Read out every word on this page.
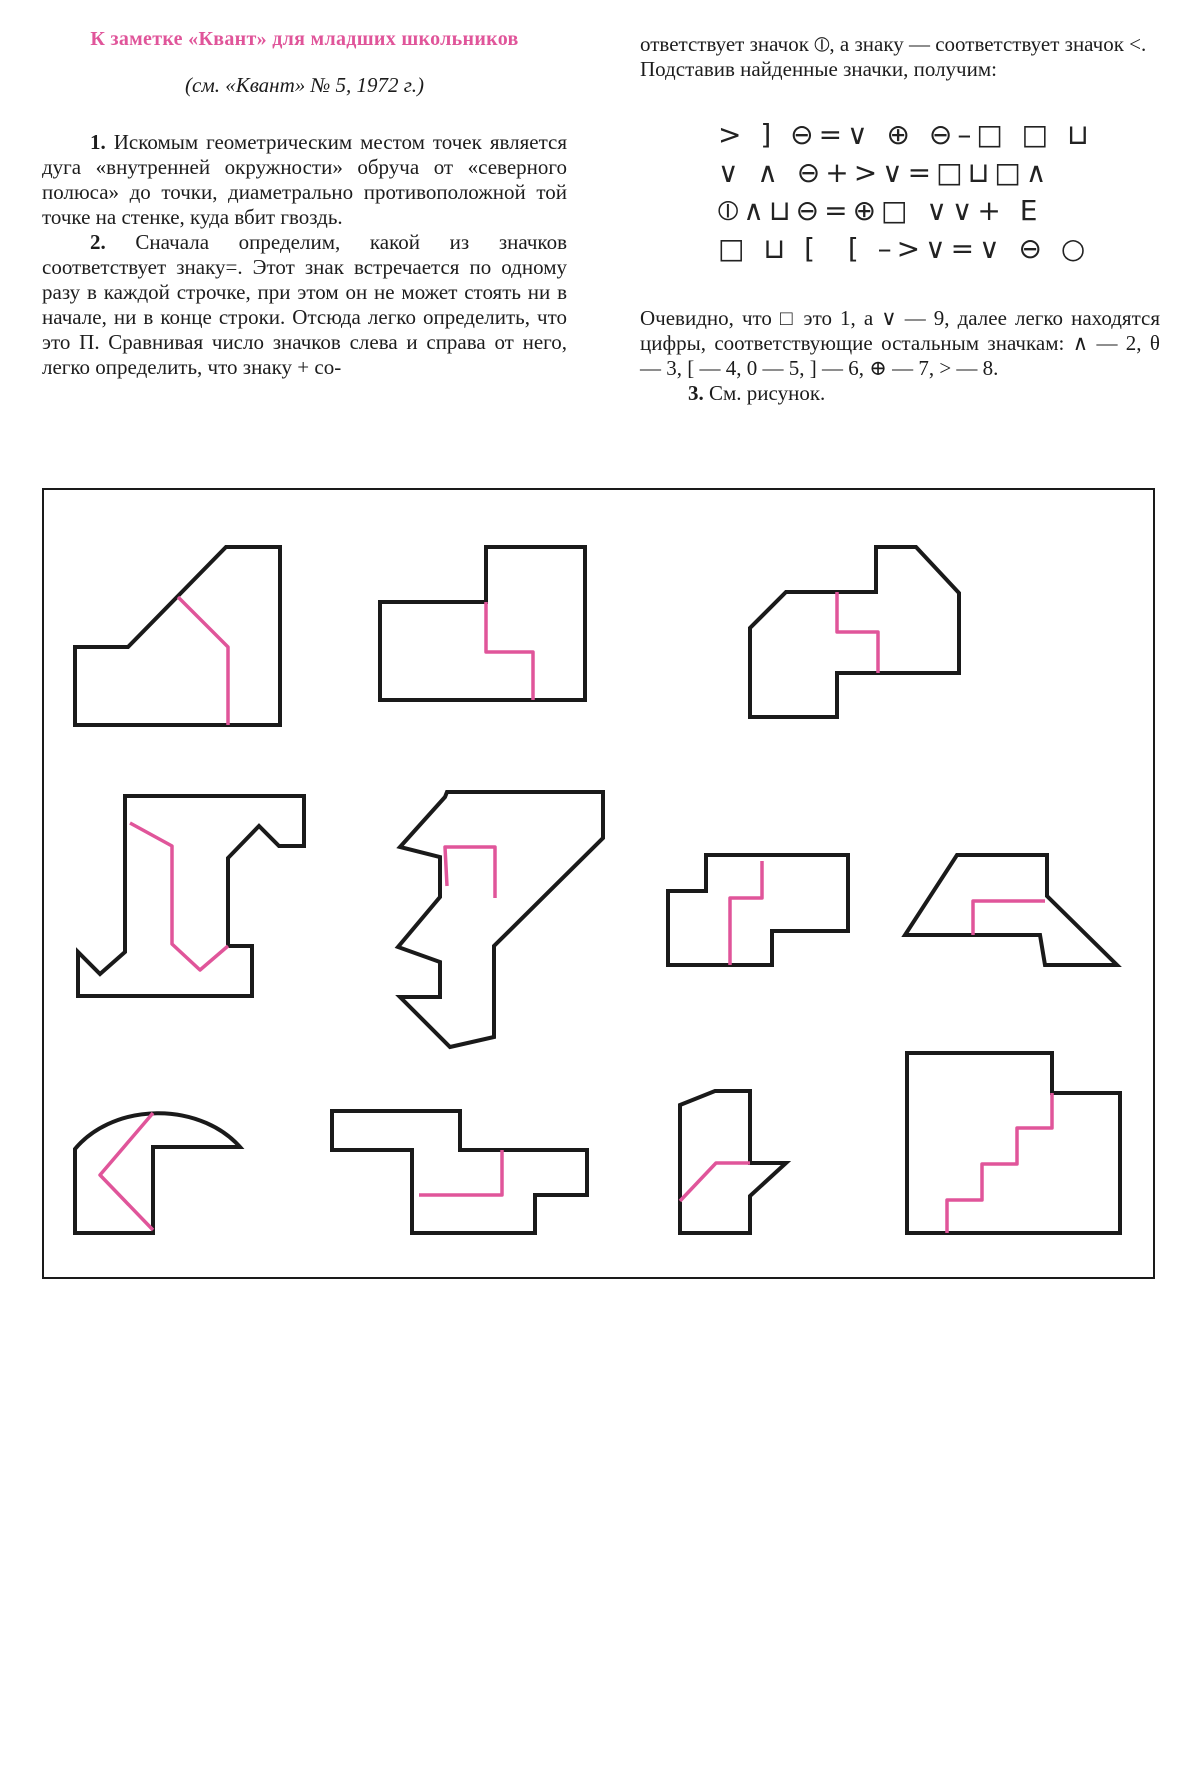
К заметке «Квант» для младших школьников
(см. «Квант» № 5, 1972 г.)

1. Искомым геометрическим местом точек является дуга «внутренней окружности» обруча от «северного полюса» до точки, диаметрально противоположной той точке на стенке, куда вбит гвоздь.

2. Сначала определим, какой из значков соответствует знаку=. Этот знак встречается по одному разу в каждой строчке, при этом он не может стоять ни в начале, ни в конце строки. Отсюда легко определить, что это П. Сравнивая число значков слева и справа от него, легко определить, что знаку + со-

ответствует значок ⦶, а знаку — соответствует значок <.

Подставив найденные значки, получим:

> ] ⊖=∨ ⊕ ⊖–□ □ ⊔
∨ ∧ ⊖+>∨=□⊔□∧
⦶∧⊔⊖=⊕□ ∨∨+ E
□ ⊔ [  [ –>∨=∨ ⊖ ○

Очевидно, что □ это 1, а ∨ — 9, далее легко находятся цифры, соответствующие остальным значкам: ∧ — 2, θ — 3, [ — 4, 0 — 5, ] — 6, ⊕ — 7, > — 8.

3. См. рисунок.
